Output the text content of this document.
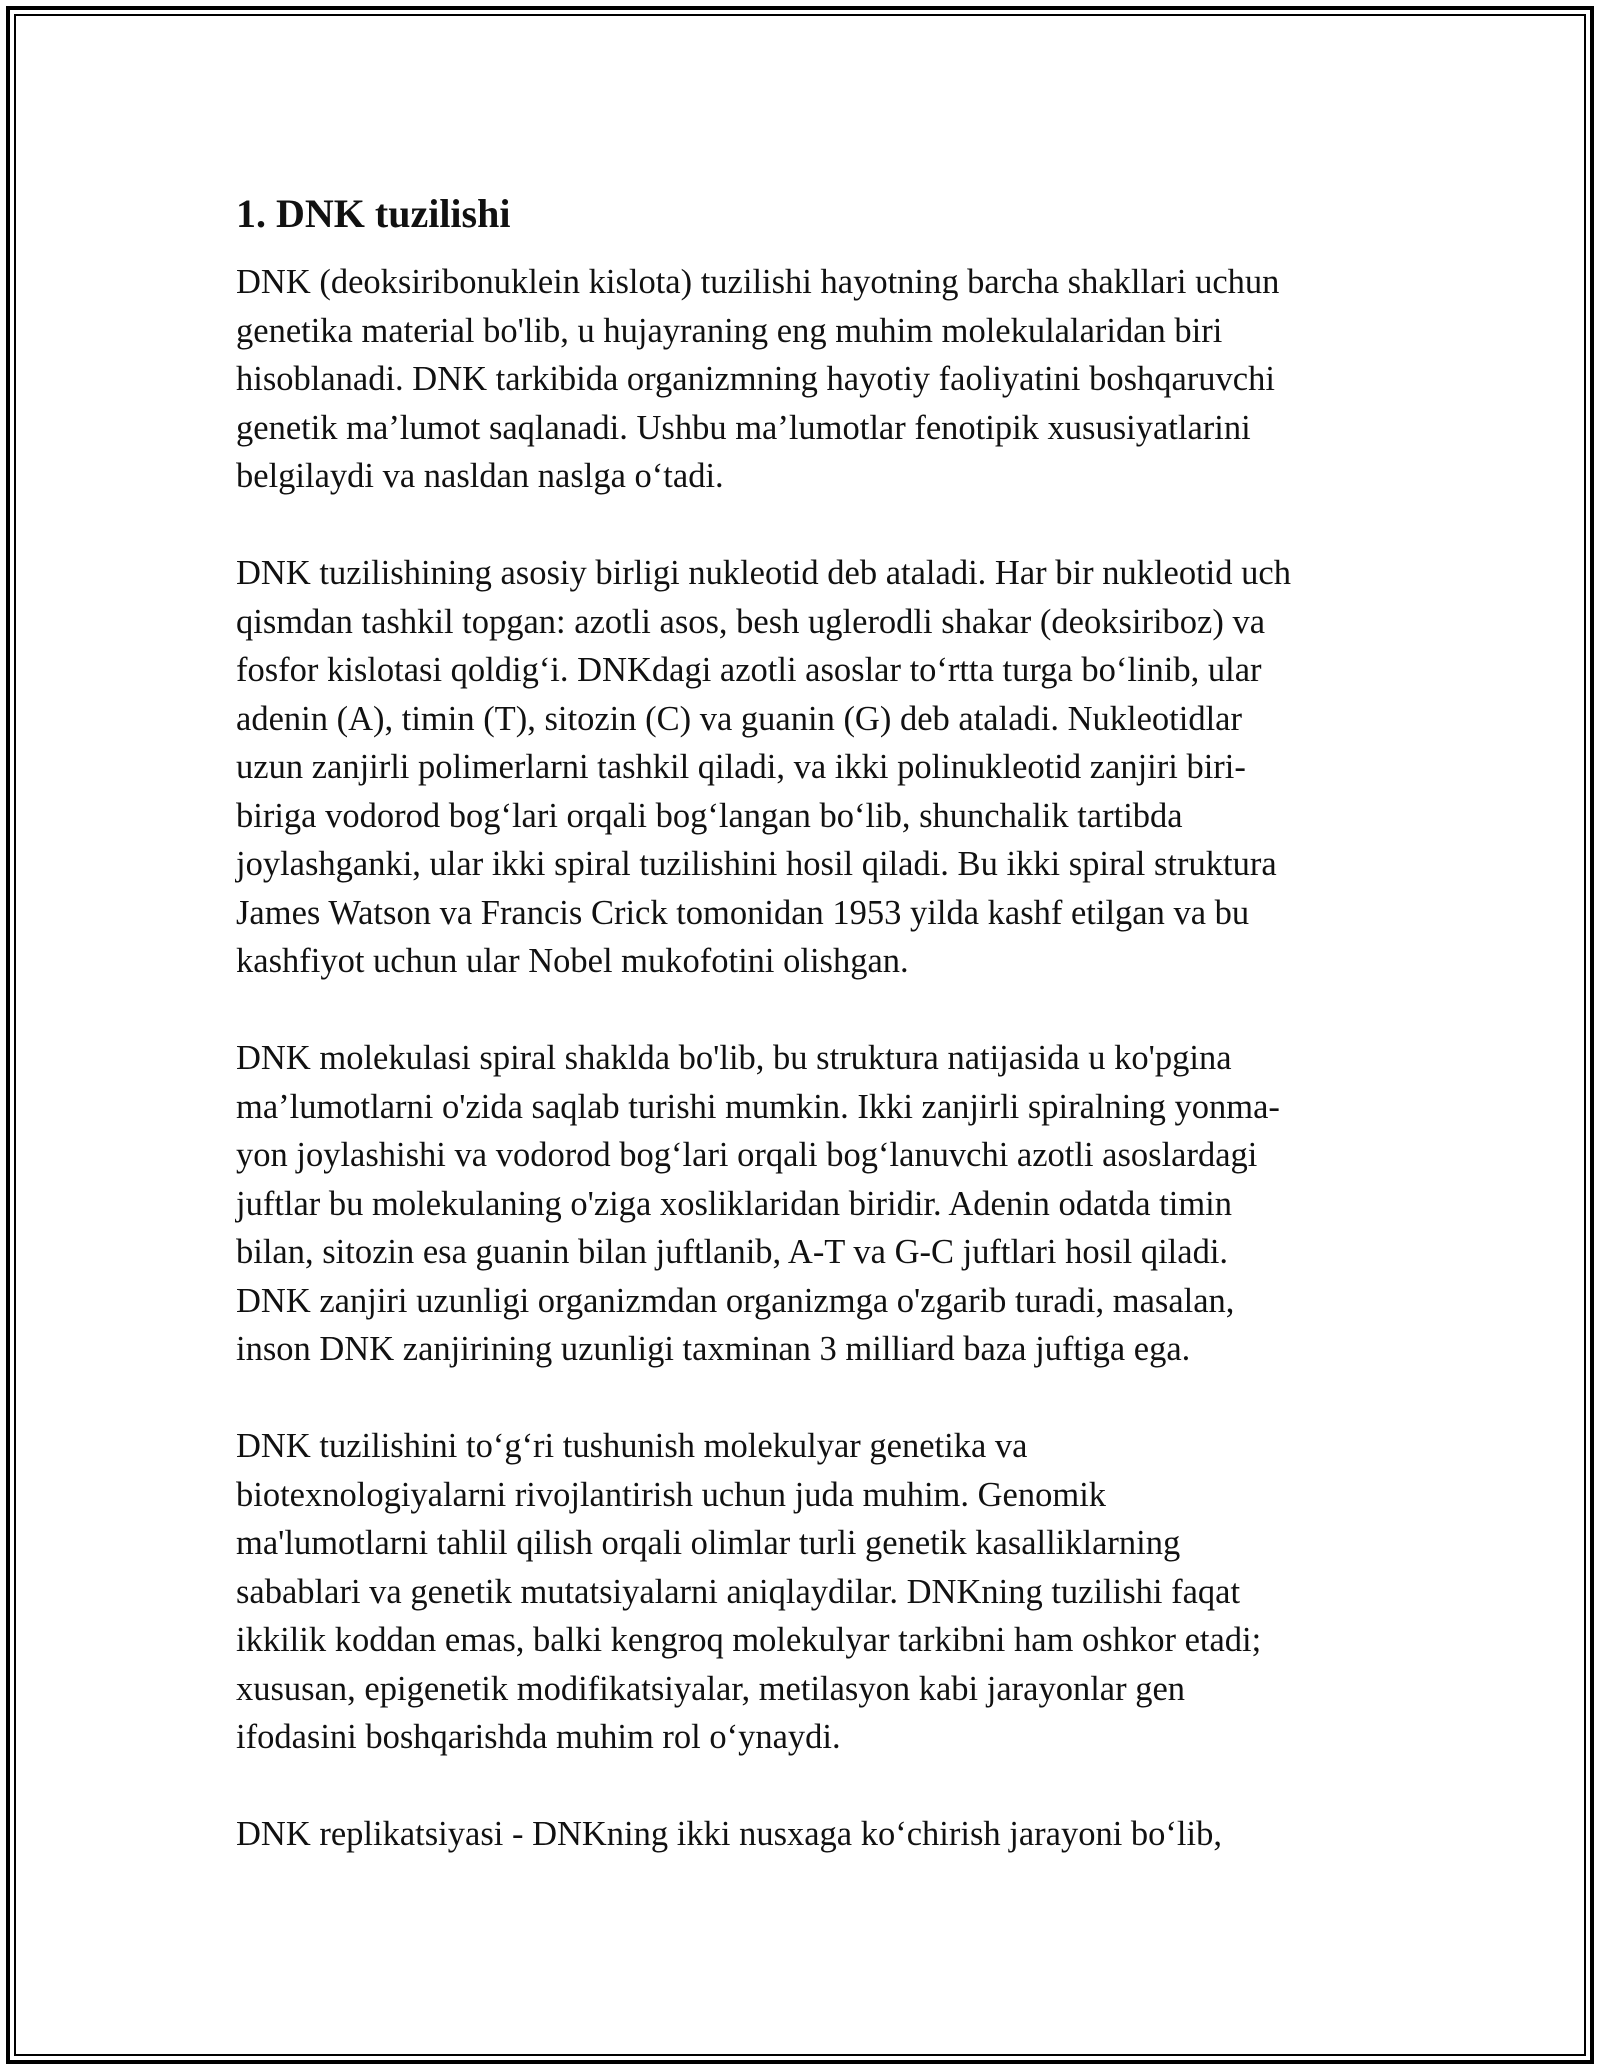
1. DNK tuzilishi

DNK (deoksiribonuklein kislota) tuzilishi hayotning barcha shakllari uchun
genetika material bo'lib, u hujayraning eng muhim molekulalaridan biri
hisoblanadi. DNK tarkibida organizmning hayotiy faoliyatini boshqaruvchi
genetik ma’lumot saqlanadi. Ushbu ma’lumotlar fenotipik xususiyatlarini
belgilaydi va nasldan naslga o‘tadi.

DNK tuzilishining asosiy birligi nukleotid deb ataladi. Har bir nukleotid uch
qismdan tashkil topgan: azotli asos, besh uglerodli shakar (deoksiriboz) va
fosfor kislotasi qoldig‘i. DNKdagi azotli asoslar to‘rtta turga bo‘linib, ular
adenin (A), timin (T), sitozin (C) va guanin (G) deb ataladi. Nukleotidlar
uzun zanjirli polimerlarni tashkil qiladi, va ikki polinukleotid zanjiri biri-
biriga vodorod bog‘lari orqali bog‘langan bo‘lib, shunchalik tartibda
joylashganki, ular ikki spiral tuzilishini hosil qiladi. Bu ikki spiral struktura
James Watson va Francis Crick tomonidan 1953 yilda kashf etilgan va bu
kashfiyot uchun ular Nobel mukofotini olishgan.

DNK molekulasi spiral shaklda bo'lib, bu struktura natijasida u ko'pgina
ma’lumotlarni o'zida saqlab turishi mumkin. Ikki zanjirli spiralning yonma-
yon joylashishi va vodorod bog‘lari orqali bog‘lanuvchi azotli asoslardagi
juftlar bu molekulaning o'ziga xosliklaridan biridir. Adenin odatda timin
bilan, sitozin esa guanin bilan juftlanib, A-T va G-C juftlari hosil qiladi.
DNK zanjiri uzunligi organizmdan organizmga o'zgarib turadi, masalan,
inson DNK zanjirining uzunligi taxminan 3 milliard baza juftiga ega.

DNK tuzilishini to‘g‘ri tushunish molekulyar genetika va
biotexnologiyalarni rivojlantirish uchun juda muhim. Genomik
ma'lumotlarni tahlil qilish orqali olimlar turli genetik kasalliklarning
sabablari va genetik mutatsiyalarni aniqlaydilar. DNKning tuzilishi faqat
ikkilik koddan emas, balki kengroq molekulyar tarkibni ham oshkor etadi;
xususan, epigenetik modifikatsiyalar, metilasyon kabi jarayonlar gen
ifodasini boshqarishda muhim rol o‘ynaydi.

DNK replikatsiyasi - DNKning ikki nusxaga ko‘chirish jarayoni bo‘lib,
